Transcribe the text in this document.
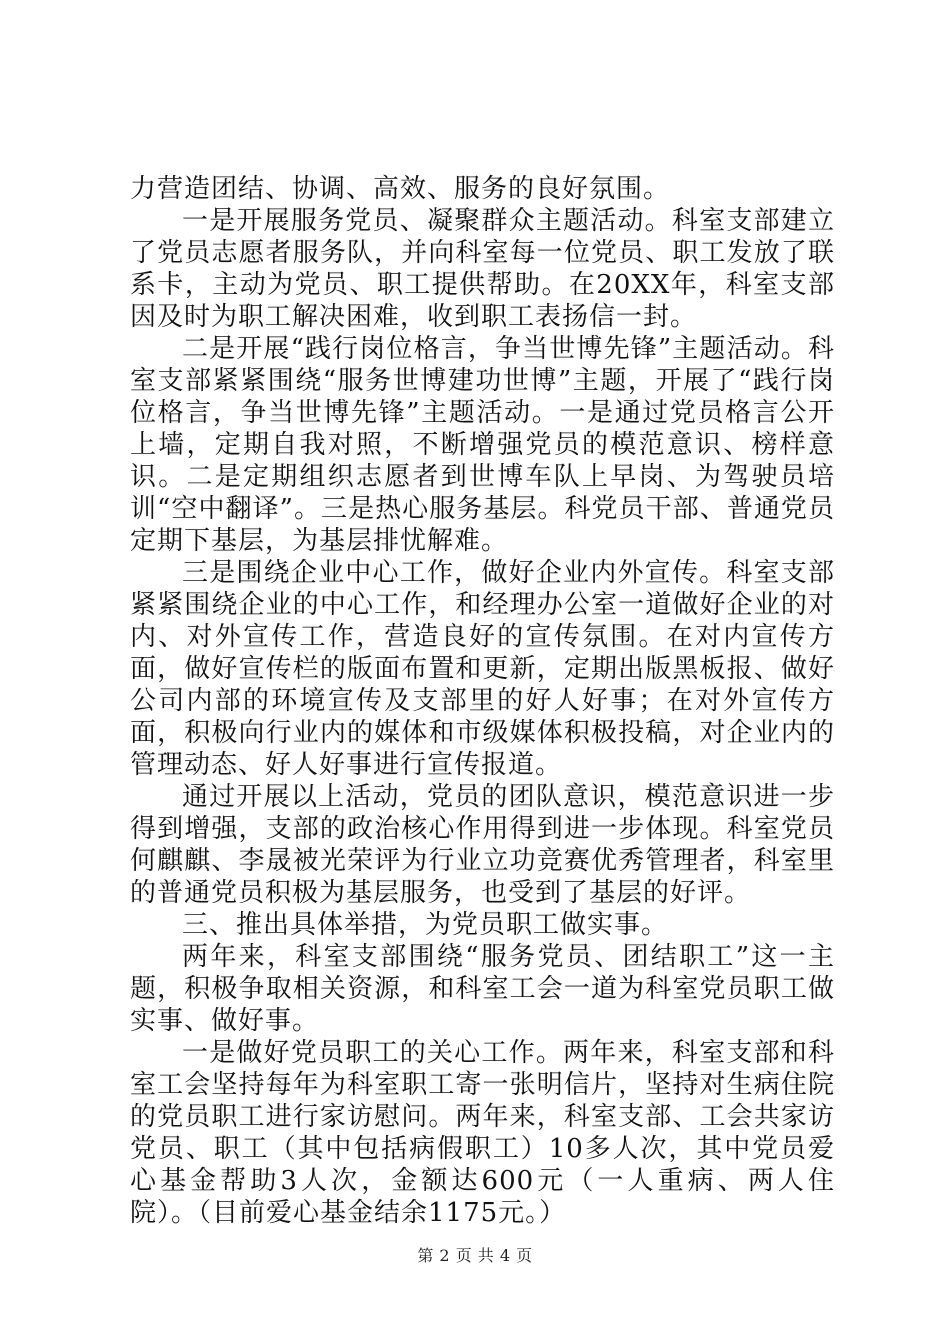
力营造团结、协调、高效、服务的良好氛围。

一是开展服务党员、凝聚群众主题活动。科室支部建立了党员志愿者服务队，并向科室每一位党员、职工发放了联系卡，主动为党员、职工提供帮助。在20XX年，科室支部因及时为职工解决困难，收到职工表扬信一封。

二是开展“践行岗位格言，争当世博先锋”主题活动。科室支部紧紧围绕“服务世博建功世博”主题，开展了“践行岗位格言，争当世博先锋”主题活动。一是通过党员格言公开上墙，定期自我对照，不断增强党员的模范意识、榜样意识。二是定期组织志愿者到世博车队上早岗、为驾驶员培训“空中翻译”。三是热心服务基层。科党员干部、普通党员定期下基层，为基层排忧解难。

三是围绕企业中心工作，做好企业内外宣传。科室支部紧紧围绕企业的中心工作，和经理办公室一道做好企业的对内、对外宣传工作，营造良好的宣传氛围。在对内宣传方面，做好宣传栏的版面布置和更新，定期出版黑板报、做好公司内部的环境宣传及支部里的好人好事；在对外宣传方面，积极向行业内的媒体和市级媒体积极投稿，对企业内的管理动态、好人好事进行宣传报道。

通过开展以上活动，党员的团队意识，模范意识进一步得到增强，支部的政治核心作用得到进一步体现。科室党员何麒麒、李晟被光荣评为行业立功竞赛优秀管理者，科室里的普通党员积极为基层服务，也受到了基层的好评。

三、推出具体举措，为党员职工做实事。

两年来，科室支部围绕“服务党员、团结职工”这一主题，积极争取相关资源，和科室工会一道为科室党员职工做实事、做好事。

一是做好党员职工的关心工作。两年来，科室支部和科室工会坚持每年为科室职工寄一张明信片，坚持对生病住院的党员职工进行家访慰问。两年来，科室支部、工会共家访党员、职工（其中包括病假职工）10多人次，其中党员爱心基金帮助3人次，金额达600元（一人重病、两人住院）。（目前爱心基金结余1175元。）

第 2 页 共 4 页
